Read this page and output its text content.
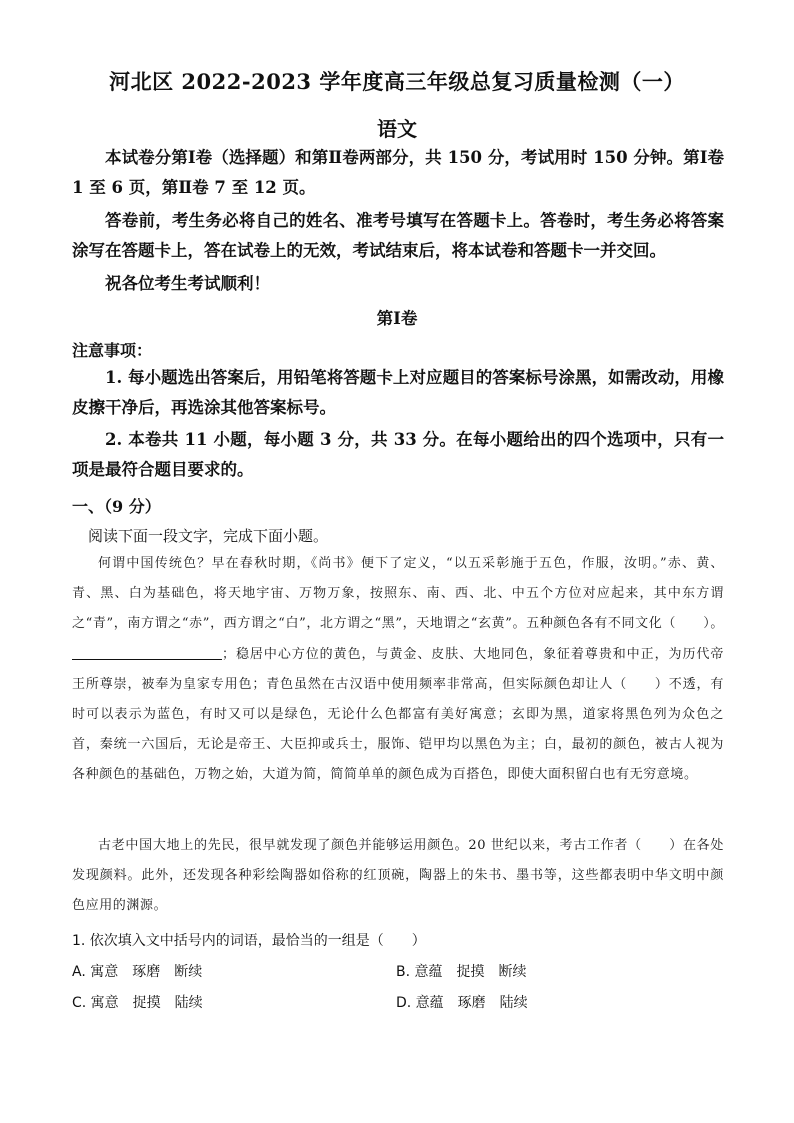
河北区 2022-2023 学年度高三年级总复习质量检测（一）
语文
本试卷分第Ⅰ卷（选择题）和第Ⅱ卷两部分，共 150 分，考试用时 150 分钟。第Ⅰ卷 1 至 6 页，第Ⅱ卷 7 至 12 页。
答卷前，考生务必将自己的姓名、准考号填写在答题卡上。答卷时，考生务必将答案涂写在答题卡上，答在试卷上的无效，考试结束后，将本试卷和答题卡一并交回。
祝各位考生考试顺利！
第Ⅰ卷
注意事项：
1. 每小题选出答案后，用铅笔将答题卡上对应题目的答案标号涂黑，如需改动，用橡皮擦干净后，再选涂其他答案标号。
2. 本卷共 11 小题，每小题 3 分，共 33 分。在每小题给出的四个选项中，只有一项是最符合题目要求的。
一、（9 分）
阅读下面一段文字，完成下面小题。
何谓中国传统色？早在春秋时期，《尚书》便下了定义，“以五采彰施于五色，作服，汝明。”赤、黄、青、黑、白为基础色，将天地宇宙、万物万象，按照东、南、西、北、中五个方位对应起来，其中东方谓之“青”，南方谓之“赤”，西方谓之“白”，北方谓之“黑”，天地谓之“玄黄”。五种颜色各有不同文化（　　）。；稳居中心方位的黄色，与黄金、皮肤、大地同色，象征着尊贵和中正，为历代帝王所尊崇，被奉为皇家专用色；青色虽然在古汉语中使用频率非常高，但实际颜色却让人（　　）不透，有时可以表示为蓝色，有时又可以是绿色，无论什么色都富有美好寓意；玄即为黑，道家将黑色列为众色之首，秦统一六国后，无论是帝王、大臣抑或兵士，服饰、铠甲均以黑色为主；白，最初的颜色，被古人视为各种颜色的基础色，万物之始，大道为简，简简单单的颜色成为百搭色，即使大面积留白也有无穷意境。
古老中国大地上的先民，很早就发现了颜色并能够运用颜色。20 世纪以来，考古工作者（　　）在各处发现颜料。此外，还发现各种彩绘陶器如俗称的红顶碗，陶器上的朱书、墨书等，这些都表明中华文明中颜色应用的渊源。
1. 依次填入文中括号内的词语，最恰当的一组是（　　）
A. 寓意　琢磨　断续	B. 意蕴　捉摸　断续
C. 寓意　捉摸　陆续	D. 意蕴　琢磨　陆续
